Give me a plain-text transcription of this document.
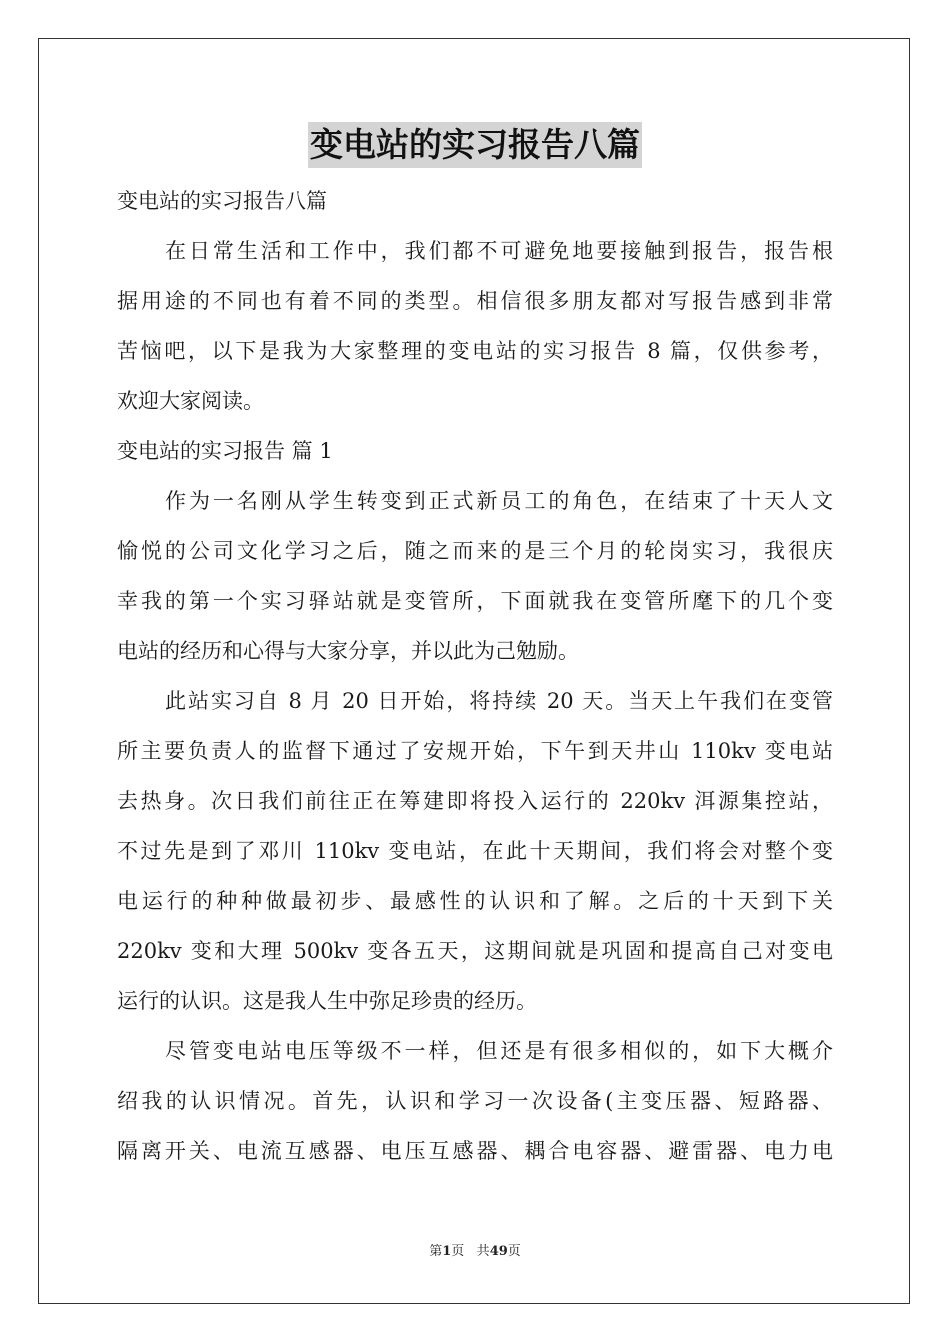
变电站的实习报告八篇
变电站的实习报告八篇
在日常生活和工作中，我们都不可避免地要接触到报告，报告根
据用途的不同也有着不同的类型。相信很多朋友都对写报告感到非常
苦恼吧，以下是我为大家整理的变电站的实习报告 8 篇，仅供参考，
欢迎大家阅读。
变电站的实习报告 篇 1
作为一名刚从学生转变到正式新员工的角色，在结束了十天人文
愉悦的公司文化学习之后，随之而来的是三个月的轮岗实习，我很庆
幸我的第一个实习驿站就是变管所，下面就我在变管所麾下的几个变
电站的经历和心得与大家分享，并以此为己勉励。
此站实习自 8 月 20 日开始，将持续 20 天。当天上午我们在变管
所主要负责人的监督下通过了安规开始，下午到天井山 110kv 变电站
去热身。次日我们前往正在筹建即将投入运行的 220kv 洱源集控站，
不过先是到了邓川 110kv 变电站，在此十天期间，我们将会对整个变
电运行的种种做最初步、最感性的认识和了解。之后的十天到下关
220kv 变和大理 500kv 变各五天，这期间就是巩固和提高自己对变电
运行的认识。这是我人生中弥足珍贵的经历。
尽管变电站电压等级不一样，但还是有很多相似的，如下大概介
绍我的认识情况。首先，认识和学习一次设备(主变压器、短路器、
隔离开关、电流互感器、电压互感器、耦合电容器、避雷器、电力电
第1页 共49页
